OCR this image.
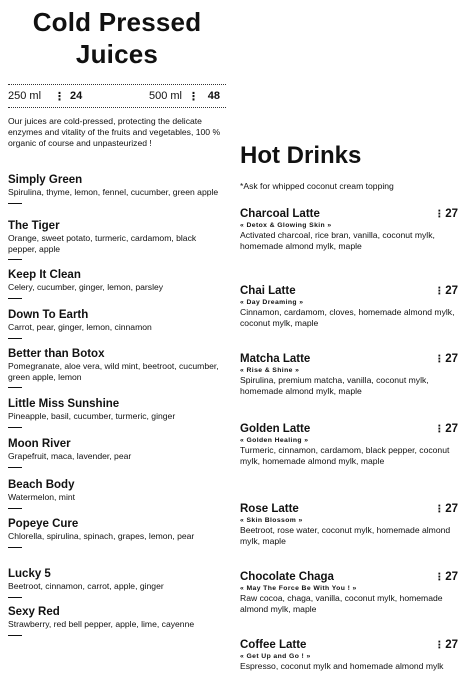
Cold Pressed
Juices
250 ml	⋮ 24	500 ml ⋮ 48
Our juices are cold-pressed, protecting the delicate enzymes and vitality of the fruits and vegetables, 100 % organic of course and unpasteurized !
Simply Green
Spirulina, thyme, lemon, fennel, cucumber, green apple
The Tiger
Orange, sweet potato, turmeric, cardamom, black pepper, apple
Keep It Clean
Celery, cucumber, ginger, lemon, parsley
Down To Earth
Carrot, pear, ginger, lemon, cinnamon
Better than Botox
Pomegranate, aloe vera, wild mint, beetroot, cucumber, green apple, lemon
Little Miss Sunshine
Pineapple, basil, cucumber, turmeric, ginger
Moon River
Grapefruit, maca, lavender, pear
Beach Body
Watermelon, mint
Popeye Cure
Chlorella, spirulina, spinach, grapes, lemon, pear
Lucky 5
Beetroot, cinnamon, carrot, apple, ginger
Sexy Red
Strawberry, red bell pepper, apple, lime, cayenne
Hot Drinks
*Ask for whipped coconut cream topping
Charcoal Latte	⋮ 27
« Detox & Glowing Skin »
Activated charcoal, rice bran, vanilla, coconut mylk, homemade almond mylk, maple
Chai Latte	⋮ 27
« Day Dreaming »
Cinnamon, cardamom, cloves, homemade almond mylk, coconut mylk, maple
Matcha Latte	⋮ 27
« Rise & Shine »
Spirulina, premium matcha, vanilla, coconut mylk, homemade almond mylk, maple
Golden Latte	⋮ 27
« Golden Healing »
Turmeric, cinnamon, cardamom, black pepper, coconut mylk, homemade almond mylk, maple
Rose Latte	⋮ 27
« Skin Blossom »
Beetroot, rose water, coconut mylk, homemade almond mylk, maple
Chocolate Chaga	⋮ 27
« May The Force Be With You ! »
Raw cocoa, chaga, vanilla, coconut mylk, homemade almond mylk, maple
Coffee Latte	⋮ 27
« Get Up and Go ! »
Espresso, coconut mylk and homemade almond mylk
